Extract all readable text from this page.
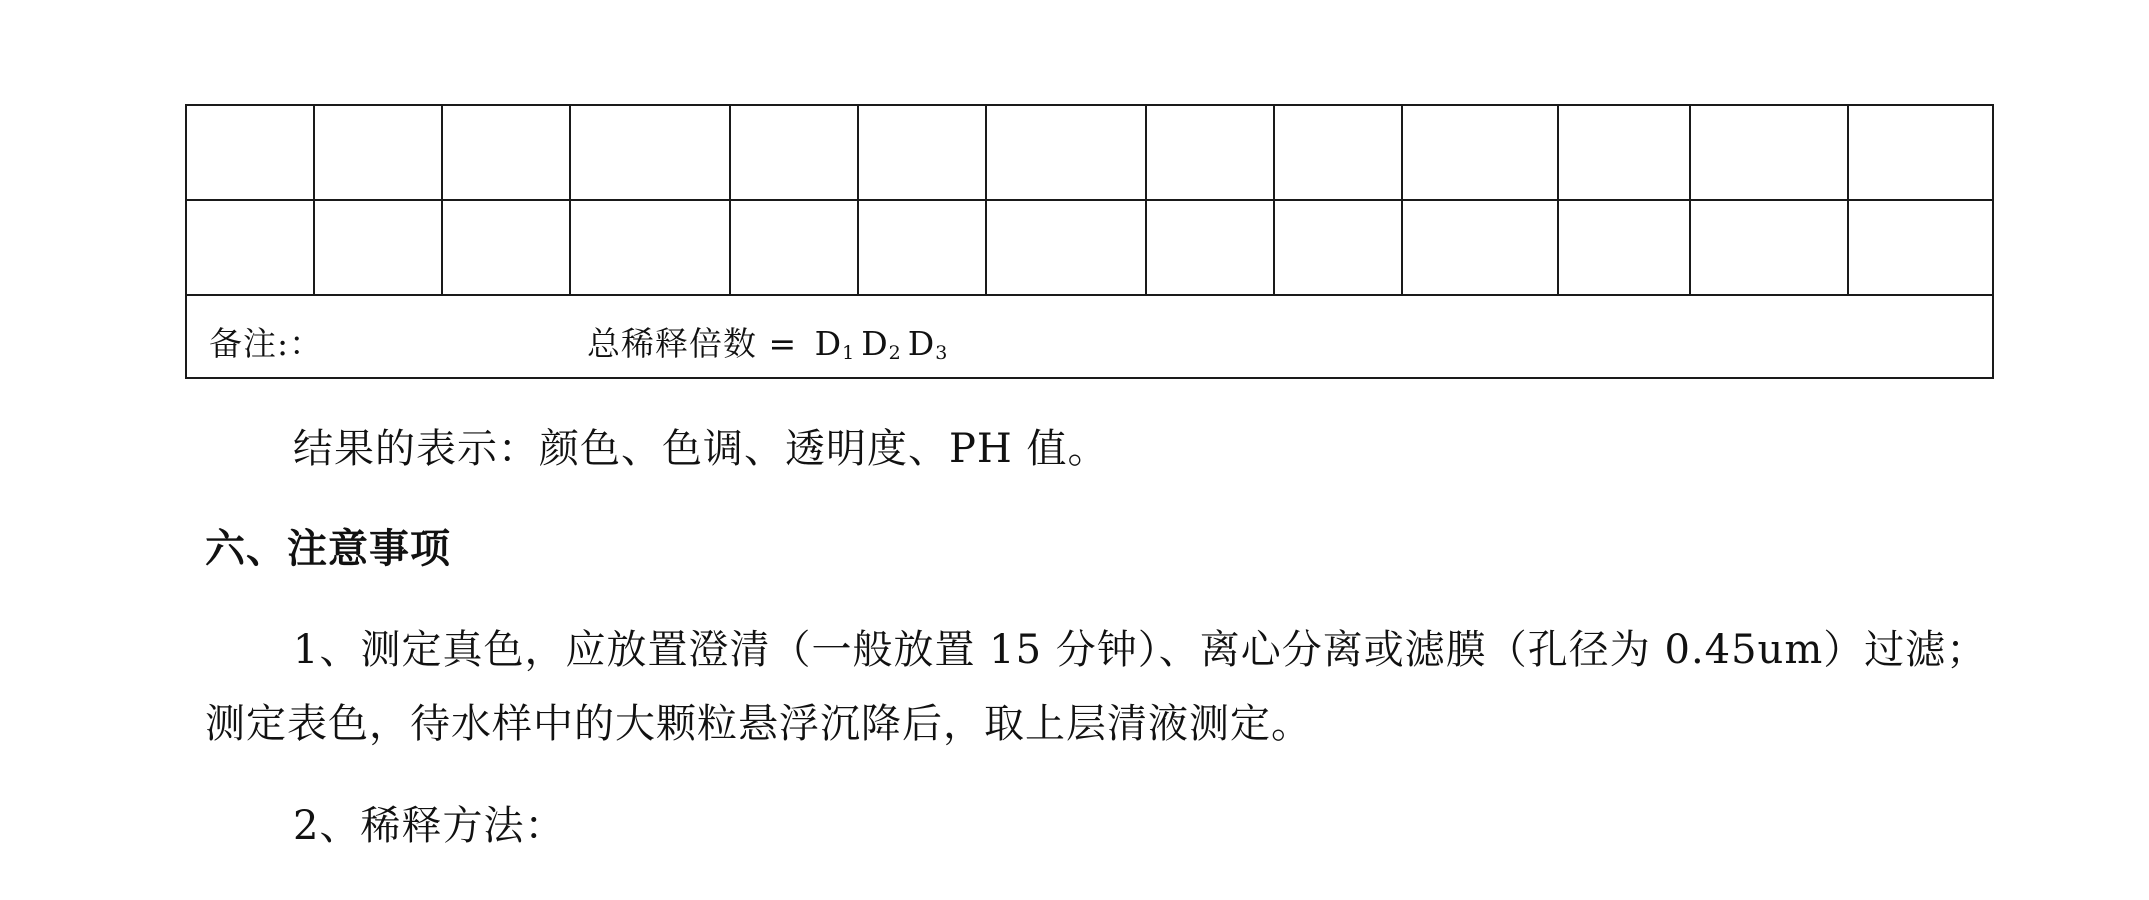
备注:： 总稀释倍数 = $D_1$ $D_2$ $D_3$
结果的表示：颜色、色调、透明度、PH 值。
六、注意事项
1、测定真色，应放置澄清（一般放置 15 分钟）、离心分离或滤膜（孔径为 0.45um）过滤；
测定表色，待水样中的大颗粒悬浮沉降后，取上层清液测定。
2、稀释方法：
